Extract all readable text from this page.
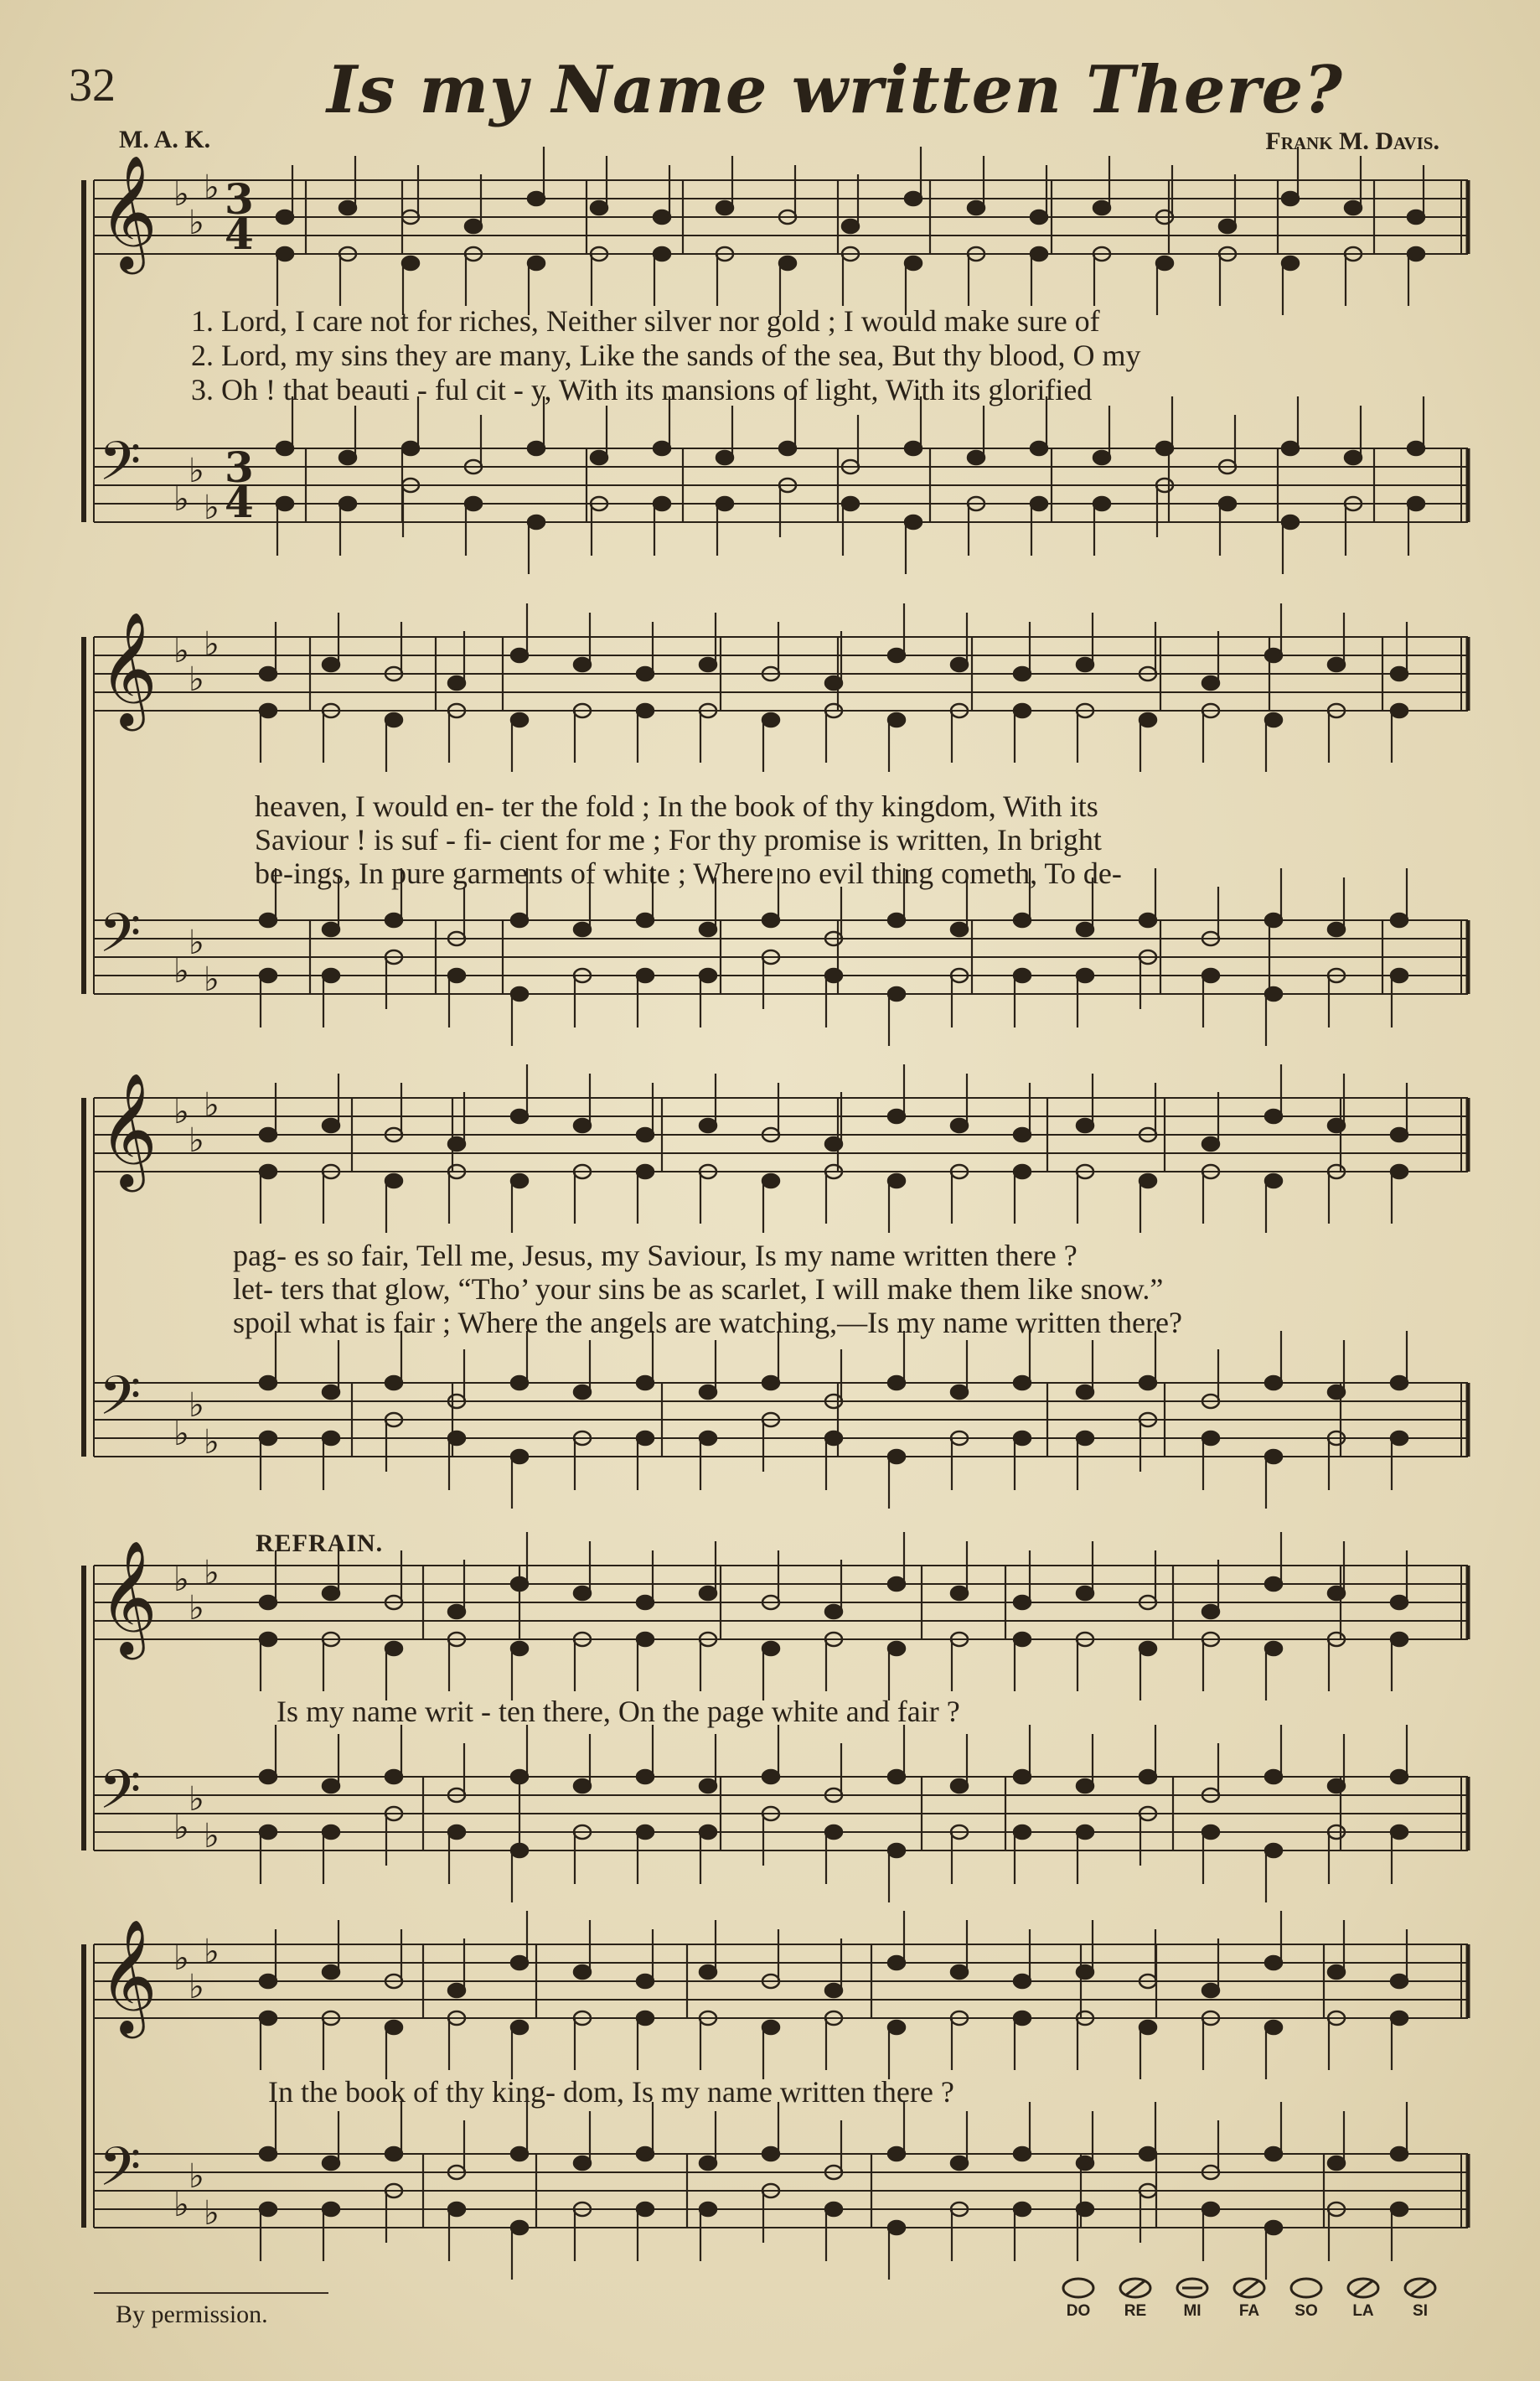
32	Is my Name written There?
M. A. K.	Frank M. Davis.
𝄞 ♭
♭
♭
𝄢 ♭
♭
♭
3
3
4
4
𝄞 ♭
♭
♭
𝄢 ♭
♭
♭
𝄞 ♭
♭
♭
𝄢 ♭
♭
♭
𝄞 ♭
♭
♭
𝄢 ♭
♭
♭
𝄞 ♭
♭
♭
𝄢 ♭
♭
♭
1. Lord, I care not for riches, Neither silver nor gold ; I would make sure of
2. Lord, my sins they are many, Like the sands of the sea, But thy blood, O my
3. Oh ! that beauti - ful cit - y, With its mansions of light, With its glorified
heaven, I would en- ter the fold ; In the book of thy kingdom, With its
Saviour ! is suf - fi- cient for me ; For thy promise is written, In bright
be-ings, In pure garments of white ; Where no evil thing cometh, To de-
pag- es so fair, Tell me, Jesus, my Saviour, Is my name written there ?
let- ters that glow, “Tho’ your sins be as scarlet, I will make them like snow.”
spoil what is fair ; Where the angels are watching,—Is my name written there?
REFRAIN.
Is my name writ - ten there, On the page white and fair ?
In the book of thy king- dom, Is my name written there ?
By permission.	DO	RE	MI	FA	SO	LA	SI
